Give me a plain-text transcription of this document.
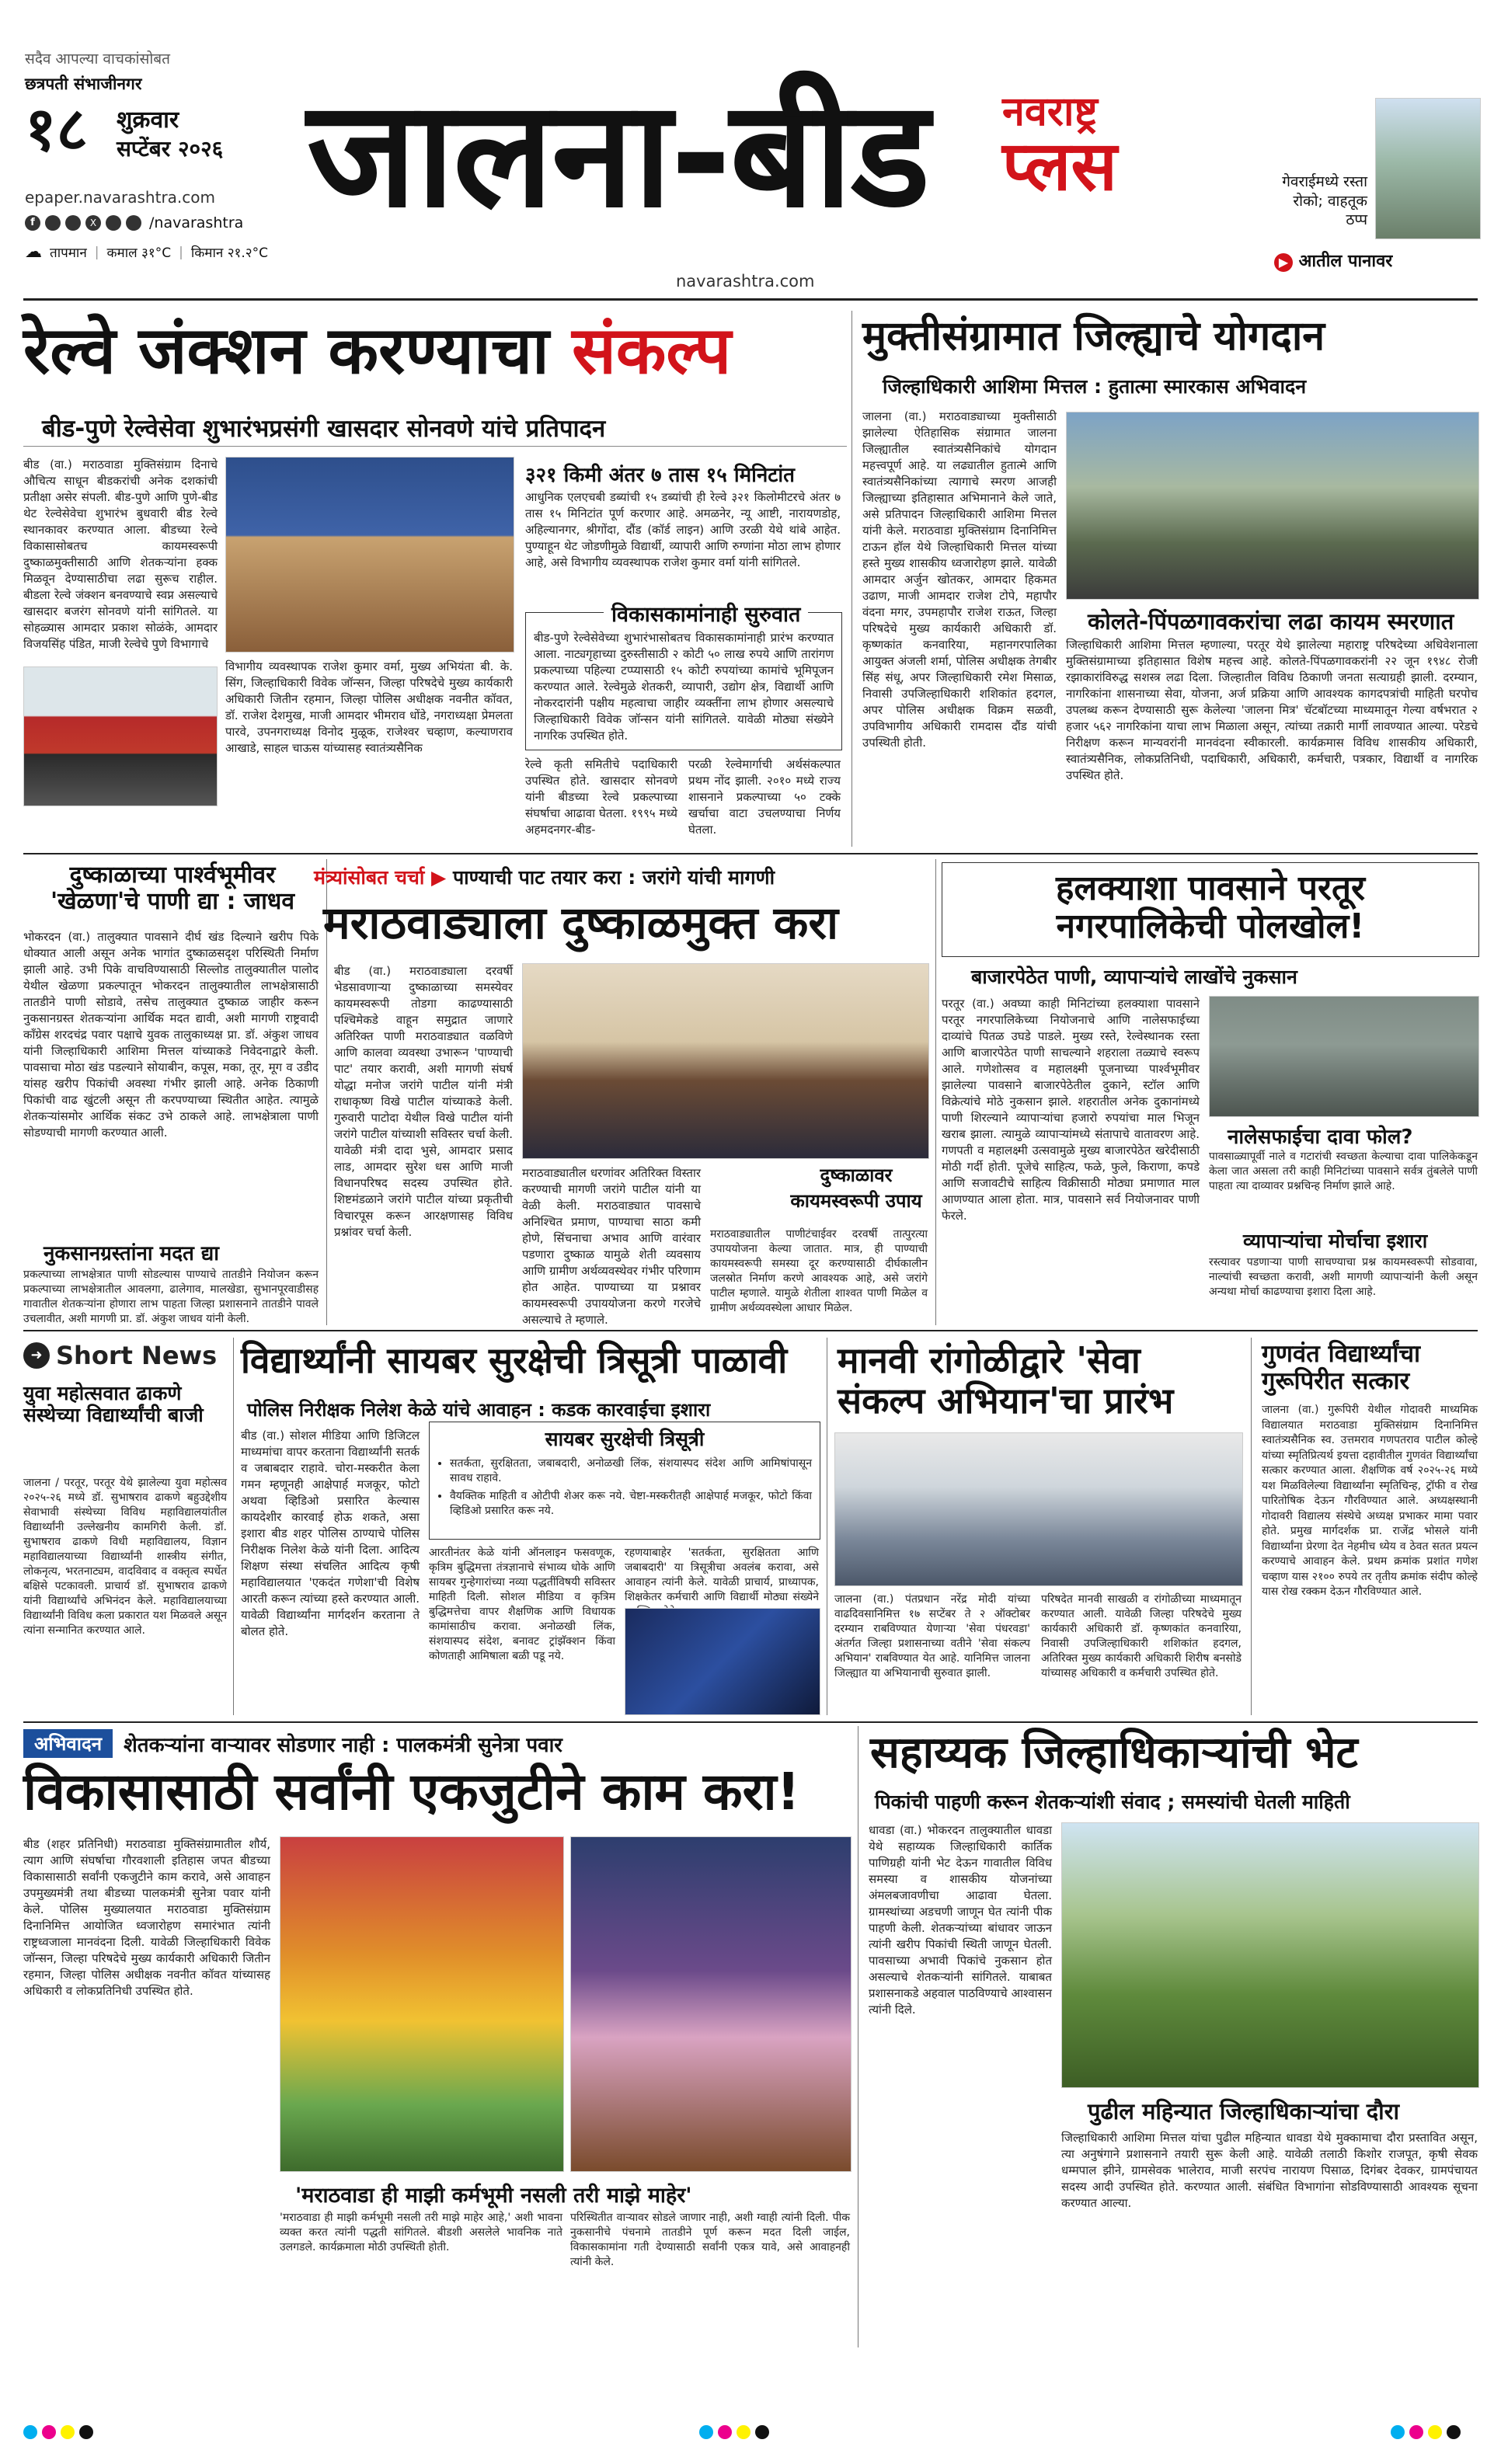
सदैव आपल्या वाचकांसोबत
छत्रपती संभाजीनगर
१८ शुक्रवार
सप्टेंबर २०२६
epaper.navarashtra.com
f	X	/navarashtra
☁ तापमान | कमाल ३१°C | किमान २१.२°C
जालना-बीड नवराष्ट्र
प्लस
navarashtra.com
गेवराईमध्ये रस्ता रोको; वाहतूक ठप्प
▶ आतील पानावर
रेल्वे जंक्शन करण्याचा संकल्प
बीड-पुणे रेल्वेसेवा शुभारंभप्रसंगी खासदार सोनवणे यांचे प्रतिपादन

बीड (वा.) मराठवाडा मुक्तिसंग्राम दिनाचे औचित्य साधून बीडकरांची अनेक दशकांची प्रतीक्षा असेर संपली. बीड-पुणे आणि पुणे-बीड थेट रेल्वेसेवेचा शुभारंभ बुधवारी बीड रेल्वे स्थानकावर करण्यात आला. बीडच्या रेल्वे विकासासोबतच कायमस्वरूपी दुष्काळमुक्तीसाठी आणि शेतकऱ्यांना हक्क मिळवून देण्यासाठीचा लढा सुरूच राहील. बीडला रेल्वे जंक्शन बनवण्याचे स्वप्न असल्याचे खासदार बजरंग सोनवणे यांनी सांगितले. या सोहळ्यास आमदार प्रकाश सोळंके, आमदार विजयसिंह पंडित, माजी रेल्वेचे पुणे विभागाचे

विभागीय व्यवस्थापक राजेश कुमार वर्मा, मुख्य अभियंता बी. के. सिंग, जिल्हाधिकारी विवेक जॉन्सन, जिल्हा परिषदेचे मुख्य कार्यकारी अधिकारी जितीन रहमान, जिल्हा पोलिस अधीक्षक नवनीत कॉवत, डॉ. राजेश देशमुख, माजी आमदार भीमराव धोंडे, नगराध्यक्षा प्रेमलता पारवे, उपनगराध्यक्ष विनोद मुळूक, राजेश्वर चव्हाण, कल्याणराव आखाडे, साहल चाऊस यांच्यासह स्वातंत्र्यसैनिक

३२१ किमी अंतर ७ तास १५ मिनिटांत

आधुनिक एलएचबी डब्यांची १५ डब्यांची ही रेल्वे ३२१ किलोमीटरचे अंतर ७ तास १५ मिनिटांत पूर्ण करणार आहे. अमळनेर, न्यू आष्टी, नारायणडोह, अहिल्यानगर, श्रीगोंदा, दौंड (कॉर्ड लाइन) आणि उरळी येथे थांबे आहेत. पुण्याहून थेट जोडणीमुळे विद्यार्थी, व्यापारी आणि रुग्णांना मोठा लाभ होणार आहे, असे विभागीय व्यवस्थापक राजेश कुमार वर्मा यांनी सांगितले.

विकासकामांनाही सुरुवात

बीड-पुणे रेल्वेसेवेच्या शुभारंभासोबतच विकासकामांनाही प्रारंभ करण्यात आला. नाट्यगृहाच्या दुरुस्तीसाठी २ कोटी ५० लाख रुपये आणि तारांगण प्रकल्पाच्या पहिल्या टप्प्यासाठी १५ कोटी रुपयांच्या कामांचे भूमिपूजन करण्यात आले. रेल्वेमुळे शेतकरी, व्यापारी, उद्योग क्षेत्र, विद्यार्थी आणि नोकरदारांनी पक्षीय महत्वाचा जाहीर व्यक्तींना लाभ होणार असल्याचे जिल्हाधिकारी विवेक जॉन्सन यांनी सांगितले. यावेळी मोठ्या संख्येने नागरिक उपस्थित होते.

रेल्वे कृती समितीचे पदाधिकारी उपस्थित होते. खासदार सोनवणे यांनी बीडच्या रेल्वे प्रकल्पाच्या संघर्षाचा आढावा घेतला. १९९५ मध्ये अहमदनगर-बीड-

परळी रेल्वेमार्गाची अर्थसंकल्पात प्रथम नोंद झाली. २०१० मध्ये राज्य शासनाने प्रकल्पाच्या ५० टक्के खर्चाचा वाटा उचलण्याचा निर्णय घेतला.

मुक्तीसंग्रामात जिल्ह्याचे योगदान
जिल्हाधिकारी आशिमा मित्तल : हुतात्मा स्मारकास अभिवादन

जालना (वा.) मराठवाड्याच्या मुक्तीसाठी झालेल्या ऐतिहासिक संग्रामात जालना जिल्ह्यातील स्वातंत्र्यसैनिकांचे योगदान महत्त्वपूर्ण आहे. या लढ्यातील हुतात्मे आणि स्वातंत्र्यसैनिकांच्या त्यागाचे स्मरण आजही जिल्ह्याच्या इतिहासात अभिमानाने केले जाते, असे प्रतिपादन जिल्हाधिकारी आशिमा मित्तल यांनी केले. मराठवाडा मुक्तिसंग्राम दिनानिमित्त टाऊन हॉल येथे जिल्हाधिकारी मित्तल यांच्या हस्ते मुख्य शासकीय ध्वजारोहण झाले. यावेळी आमदार अर्जुन खोतकर, आमदार हिकमत उढाण, माजी आमदार राजेश टोपे, महापौर वंदना मगर, उपमहापौर राजेश राऊत, जिल्हा परिषदेचे मुख्य कार्यकारी अधिकारी डॉ. कृष्णकांत कनवारिया, महानगरपालिका आयुक्त अंजली शर्मा, पोलिस अधीक्षक तेगबीर सिंह संधू, अपर जिल्हाधिकारी रमेश मिसाळ, निवासी उपजिल्हाधिकारी शशिकांत हदगल, अपर पोलिस अधीक्षक विक्रम सळवी, उपविभागीय अधिकारी रामदास दौंड यांची उपस्थिती होती.

कोलते-पिंपळगावकरांचा लढा कायम स्मरणात

जिल्हाधिकारी आशिमा मित्तल म्हणाल्या, परतूर येथे झालेल्या महाराष्ट्र परिषदेच्या अधिवेशनाला मुक्तिसंग्रामाच्या इतिहासात विशेष महत्त्व आहे. कोलते-पिंपळगावकरांनी २२ जून १९४८ रोजी रझाकारांविरुद्ध सशस्त्र लढा दिला. जिल्हातील विविध ठिकाणी जनता सत्याग्रही झाली. दरम्यान, नागरिकांना शासनाच्या सेवा, योजना, अर्ज प्रक्रिया आणि आवश्यक कागदपत्रांची माहिती घरपोच उपलब्ध करून देण्यासाठी सुरू केलेल्या 'जालना मित्र' चॅटबॉटच्या माध्यमातून गेल्या वर्षभरात २ हजार ५६२ नागरिकांना याचा लाभ मिळाला असून, त्यांच्या तक्रारी मार्गी लावण्यात आल्या. परेडचे निरीक्षण करून मान्यवरांनी मानवंदना स्वीकारली. कार्यक्रमास विविध शासकीय अधिकारी, स्वातंत्र्यसैनिक, लोकप्रतिनिधी, पदाधिकारी, अधिकारी, कर्मचारी, पत्रकार, विद्यार्थी व नागरिक उपस्थित होते.

दुष्काळाच्या पार्श्वभूमीवर
'खेळणा'चे पाणी द्या : जाधव

भोकरदन (वा.) तालुक्यात पावसाने दीर्घ खंड दिल्याने खरीप पिके धोक्यात आली असून अनेक भागांत दुष्काळसदृश परिस्थिती निर्माण झाली आहे. उभी पिके वाचविण्यासाठी सिल्लोड तालुक्यातील पालोद येथील खेळणा प्रकल्पातून भोकरदन तालुक्यातील लाभक्षेत्रासाठी तातडीने पाणी सोडावे, तसेच तालुक्यात दुष्काळ जाहीर करून नुकसानग्रस्त शेतकऱ्यांना आर्थिक मदत द्यावी, अशी मागणी राष्ट्रवादी काँग्रेस शरदचंद्र पवार पक्षाचे युवक तालुकाध्यक्ष प्रा. डॉ. अंकुश जाधव यांनी जिल्हाधिकारी आशिमा मित्तल यांच्याकडे निवेदनाद्वारे केली. पावसाचा मोठा खंड पडल्याने सोयाबीन, कपूस, मका, तूर, मूग व उडीद यांसह खरीप पिकांची अवस्था गंभीर झाली आहे. अनेक ठिकाणी पिकांची वाढ खुंटली असून ती करपण्याच्या स्थितीत आहेत. त्यामुळे शेतकऱ्यांसमोर आर्थिक संकट उभे ठाकले आहे. लाभक्षेत्राला पाणी सोडण्याची मागणी करण्यात आली.

नुकसानग्रस्तांना मदत द्या

प्रकल्पाच्या लाभक्षेत्रात पाणी सोडल्यास पाण्याचे तातडीने नियोजन करून प्रकल्पाच्या लाभक्षेत्रातील आवलगा, ढालेगाव, मालखेडा, सुभानपूरवाडीसह गावातील शेतकऱ्यांना होणारा लाभ पाहता जिल्हा प्रशासनाने तातडीने पावले उचलावीत, अशी मागणी प्रा. डॉ. अंकुश जाधव यांनी केली.

मंत्र्यांसोबत चर्चा ▶ पाण्याची पाट तयार करा : जरांगे यांची मागणी
मराठवाड्याला दुष्काळमुक्त करा

बीड (वा.) मराठवाड्याला दरवर्षी भेडसावणाऱ्या दुष्काळाच्या समस्येवर कायमस्वरूपी तोडगा काढण्यासाठी पश्चिमेकडे वाहून समुद्रात जाणारे अतिरिक्त पाणी मराठवाड्यात वळविणे आणि कालवा व्यवस्था उभारून 'पाण्याची पाट' तयार करावी, अशी मागणी संघर्ष योद्धा मनोज जरांगे पाटील यांनी मंत्री राधाकृष्ण विखे पाटील यांच्याकडे केली. गुरुवारी पाटोदा येथील विखे पाटील यांनी जरांगे पाटील यांच्याशी सविस्तर चर्चा केली. यावेळी मंत्री दादा भुसे, आमदार प्रसाद लाड, आमदार सुरेश धस आणि माजी विधानपरिषद सदस्य उपस्थित होते. शिष्टमंडळाने जरांगे पाटील यांच्या प्रकृतीची विचारपूस करून आरक्षणासह विविध प्रश्नांवर चर्चा केली.

मराठवाड्यातील धरणांवर अतिरिक्त विस्तार करण्याची मागणी जरांगे पाटील यांनी या वेळी केली. मराठवाड्यात पावसाचे अनिश्चित प्रमाण, पाण्याचा साठा कमी होणे, सिंचनाचा अभाव आणि वारंवार पडणारा दुष्काळ यामुळे शेती व्यवसाय आणि ग्रामीण अर्थव्यवस्थेवर गंभीर परिणाम होत आहेत. पाण्याच्या या प्रश्नावर कायमस्वरूपी उपाययोजना करणे गरजेचे असल्याचे ते म्हणाले.

दुष्काळावर कायमस्वरूपी उपाय

मराठवाड्यातील पाणीटंचाईवर दरवर्षी तात्पुरत्या उपाययोजना केल्या जातात. मात्र, ही पाण्याची कायमस्वरूपी समस्या दूर करण्यासाठी दीर्घकालीन जलस्रोत निर्माण करणे आवश्यक आहे, असे जरांगे पाटील म्हणाले. यामुळे शेतीला शाश्वत पाणी मिळेल व ग्रामीण अर्थव्यवस्थेला आधार मिळेल.

हलक्याशा पावसाने परतूर
नगरपालिकेची पोलखोल!
बाजारपेठेत पाणी, व्यापाऱ्यांचे लाखोंचे नुकसान

परतूर (वा.) अवघ्या काही मिनिटांच्या हलक्याशा पावसाने परतूर नगरपालिकेच्या नियोजनाचे आणि नालेसफाईच्या दाव्यांचे पितळ उघडे पाडले. मुख्य रस्ते, रेल्वेस्थानक रस्ता आणि बाजारपेठेत पाणी साचल्याने शहराला तळ्याचे स्वरूप आले. गणेशोत्सव व महालक्ष्मी पूजनाच्या पार्श्वभूमीवर झालेल्या पावसाने बाजारपेठेतील दुकाने, स्टॉल आणि विक्रेत्यांचे मोठे नुकसान झाले. शहरातील अनेक दुकानांमध्ये पाणी शिरल्याने व्यापाऱ्यांचा हजारो रुपयांचा माल भिजून खराब झाला. त्यामुळे व्यापाऱ्यांमध्ये संतापाचे वातावरण आहे. गणपती व महालक्ष्मी उत्सवामुळे मुख्य बाजारपेठेत खरेदीसाठी मोठी गर्दी होती. पूजेचे साहित्य, फळे, फुले, किराणा, कपडे आणि सजावटीचे साहित्य विक्रीसाठी मोठ्या प्रमाणात माल आणण्यात आला होता. मात्र, पावसाने सर्व नियोजनावर पाणी फेरले.

नालेसफाईचा दावा फोल?

पावसाळ्यापूर्वी नाले व गटारांची स्वच्छता केल्याचा दावा पालिकेकडून केला जात असला तरी काही मिनिटांच्या पावसाने सर्वत्र तुंबलेले पाणी पाहता त्या दाव्यावर प्रश्नचिन्ह निर्माण झाले आहे.

व्यापाऱ्यांचा मोर्चाचा इशारा

रस्त्यावर पडणाऱ्या पाणी साचण्याचा प्रश्न कायमस्वरूपी सोडवावा, नाल्यांची स्वच्छता करावी, अशी मागणी व्यापाऱ्यांनी केली असून अन्यथा मोर्चा काढण्याचा इशारा दिला आहे.

➜ Short News
युवा महोत्सवात ढाकणे संस्थेच्या विद्यार्थ्यांची बाजी

जालना / परतूर, परतूर येथे झालेल्या युवा महोत्सव २०२५-२६ मध्ये डॉ. सुभाषराव ढाकणे बहुउद्देशीय सेवाभावी संस्थेच्या विविध महाविद्यालयांतील विद्यार्थ्यांनी उल्लेखनीय कामगिरी केली. डॉ. सुभाषराव ढाकणे विधी महाविद्यालय, विज्ञान महाविद्यालयाच्या विद्यार्थ्यांनी शास्त्रीय संगीत, लोकनृत्य, भरतनाट्यम, वादविवाद व वक्तृत्व स्पर्धेत बक्षिसे पटकावली. प्राचार्य डॉ. सुभाषराव ढाकणे यांनी विद्यार्थ्यांचे अभिनंदन केले. महाविद्यालयाच्या विद्यार्थ्यांनी विविध कला प्रकारात यश मिळवले असून त्यांना सन्मानित करण्यात आले.

विद्यार्थ्यांनी सायबर सुरक्षेची त्रिसूत्री पाळावी
पोलिस निरीक्षक निलेश केळे यांचे आवाहन : कडक कारवाईचा इशारा

बीड (वा.) सोशल मीडिया आणि डिजिटल माध्यमांचा वापर करताना विद्यार्थ्यांनी सतर्क व जबाबदार राहावे. चोरा-मस्करीत केला गमन म्हणूनही आक्षेपार्ह मजकूर, फोटो अथवा व्हिडिओ प्रसारित केल्यास कायदेशीर कारवाई होऊ शकते, असा इशारा बीड शहर पोलिस ठाण्याचे पोलिस निरीक्षक निलेश केळे यांनी दिला. आदित्य शिक्षण संस्था संचलित आदित्य कृषी महाविद्यालयात 'एकदंत गणेशा'ची विशेष आरती करून त्यांच्या हस्ते करण्यात आली. यावेळी विद्यार्थ्यांना मार्गदर्शन करताना ते बोलत होते.

सायबर सुरक्षेची त्रिसूत्री
• सतर्कता, सुरक्षितता, जबाबदारी, अनोळखी लिंक, संशयास्पद संदेश आणि आमिषांपासून सावध राहावे.
• वैयक्तिक माहिती व ओटीपी शेअर करू नये. चेष्टा-मस्करीतही आक्षेपार्ह मजकूर, फोटो किंवा व्हिडिओ प्रसारित करू नये.

आरतीनंतर केळे यांनी ऑनलाइन फसवणूक, कृत्रिम बुद्धिमत्ता तंत्रज्ञानाचे संभाव्य धोके आणि सायबर गुन्हेगारांच्या नव्या पद्धतींविषयी सविस्तर माहिती दिली. सोशल मीडिया व कृत्रिम बुद्धिमत्तेचा वापर शैक्षणिक आणि विधायक कामांसाठीच करावा. अनोळखी लिंक, संशयास्पद संदेश, बनावट ट्रांझॅक्शन किंवा कोणताही आमिषाला बळी पडू नये.

रहणयाबाहेर 'सतर्कता, सुरक्षितता आणि जबाबदारी' या त्रिसूत्रीचा अवलंब करावा, असे आवाहन त्यांनी केले. यावेळी प्राचार्य, प्राध्यापक, शिक्षकेतर कर्मचारी आणि विद्यार्थी मोठ्या संख्येने

मानवी रांगोळीद्वारे 'सेवा
संकल्प अभियान'चा प्रारंभ

जालना (वा.) पंतप्रधान नरेंद्र मोदी यांच्या वाढदिवसानिमित्त १७ सप्टेंबर ते २ ऑक्टोबर दरम्यान राबविण्यात येणाऱ्या 'सेवा पंधरवडा' अंतर्गत जिल्हा प्रशासनाच्या वतीने 'सेवा संकल्प अभियान' राबविण्यात येत आहे. यानिमित्त जालना जिल्ह्यात या अभियानाची सुरुवात झाली.

परिषदेत मानवी साखळी व रांगोळीच्या माध्यमातून करण्यात आली. यावेळी जिल्हा परिषदेचे मुख्य कार्यकारी अधिकारी डॉ. कृष्णकांत कनवारिया, निवासी उपजिल्हाधिकारी शशिकांत हदगल, अतिरिक्त मुख्य कार्यकारी अधिकारी शिरीष बनसोडे यांच्यासह अधिकारी व कर्मचारी उपस्थित होते.

गुणवंत विद्यार्थ्यांचा गुरूपिरीत सत्कार

जालना (वा.) गुरूपिरी येथील गोदावरी माध्यमिक विद्यालयात मराठवाडा मुक्तिसंग्राम दिनानिमित्त स्वातंत्र्यसैनिक स्व. उत्तमराव गणपतराव पाटील कोल्हे यांच्या स्मृतिप्रित्यर्थ इयत्ता दहावीतील गुणवंत विद्यार्थ्यांचा सत्कार करण्यात आला. शैक्षणिक वर्ष २०२५-२६ मध्ये यश मिळविलेल्या विद्यार्थ्यांना स्मृतिचिन्ह, ट्रॉफी व रोख पारितोषिक देऊन गौरविण्यात आले. अध्यक्षस्थानी गोदावरी विद्यालय संस्थेचे अध्यक्ष प्रभाकर मामा पवार होते. प्रमुख मार्गदर्शक प्रा. राजेंद्र भोसले यांनी विद्यार्थ्यांना प्रेरणा देत नेहमीच ध्येय व ठेवत सतत प्रयत्न करण्याचे आवाहन केले. प्रथम क्रमांक प्रशांत गणेश चव्हाण यास २१०० रुपये तर तृतीय क्रमांक संदीप कोल्हे यास रोख रक्कम देऊन गौरविण्यात आले.

अभिवादन	शेतकऱ्यांना वाऱ्यावर सोडणार नाही : पालकमंत्री सुनेत्रा पवार
विकासासाठी सर्वांनी एकजुटीने काम करा!

बीड (शहर प्रतिनिधी) मराठवाडा मुक्तिसंग्रामातील शौर्य, त्याग आणि संघर्षाचा गौरवशाली इतिहास जपत बीडच्या विकासासाठी सर्वांनी एकजुटीने काम करावे, असे आवाहन उपमुख्यमंत्री तथा बीडच्या पालकमंत्री सुनेत्रा पवार यांनी केले. पोलिस मुख्यालयात मराठवाडा मुक्तिसंग्राम दिनानिमित्त आयोजित ध्वजारोहण समारंभात त्यांनी राष्ट्रध्वजाला मानवंदना दिली. यावेळी जिल्हाधिकारी विवेक जॉन्सन, जिल्हा परिषदेचे मुख्य कार्यकारी अधिकारी जितीन रहमान, जिल्हा पोलिस अधीक्षक नवनीत कॉवत यांच्यासह अधिकारी व लोकप्रतिनिधी उपस्थित होते.

'मराठवाडा ही माझी कर्मभूमी नसली तरी माझे माहेर'

'मराठवाडा ही माझी कर्मभूमी नसली तरी माझे माहेर आहे,' अशी भावना व्यक्त करत त्यांनी पद्धती सांगितले. बीडशी असलेले भावनिक नाते उलगडले. कार्यक्रमाला मोठी उपस्थिती होती.

परिस्थितीत वाऱ्यावर सोडले जाणार नाही, अशी ग्वाही त्यांनी दिली. पीक नुकसानीचे पंचनामे तातडीने पूर्ण करून मदत दिली जाईल, विकासकामांना गती देण्यासाठी सर्वांनी एकत्र यावे, असे आवाहनही त्यांनी केले.

सहाय्यक जिल्हाधिकाऱ्यांची भेट
पिकांची पाहणी करून शेतकऱ्यांशी संवाद ; समस्यांची घेतली माहिती

धावडा (वा.) भोकरदन तालुक्यातील धावडा येथे सहाय्यक जिल्हाधिकारी कार्तिक पाणिग्रही यांनी भेट देऊन गावातील विविध समस्या व शासकीय योजनांच्या अंमलबजावणीचा आढावा घेतला. ग्रामस्थांच्या अडचणी जाणून घेत त्यांनी पीक पाहणी केली. शेतकऱ्यांच्या बांधावर जाऊन त्यांनी खरीप पिकांची स्थिती जाणून घेतली. पावसाच्या अभावी पिकांचे नुकसान होत असल्याचे शेतकऱ्यांनी सांगितले. याबाबत प्रशासनाकडे अहवाल पाठविण्याचे आश्वासन त्यांनी दिले.

पुढील महिन्यात जिल्हाधिकाऱ्यांचा दौरा

जिल्हाधिकारी आशिमा मित्तल यांचा पुढील महिन्यात धावडा येथे मुक्कामाचा दौरा प्रस्तावित असून, त्या अनुषंगाने प्रशासनाने तयारी सुरू केली आहे. यावेळी तलाठी किशोर राजपूत, कृषी सेवक धम्मपाल झीने, ग्रामसेवक भालेराव, माजी सरपंच नारायण पिसाळ, दिगंबर देवकर, ग्रामपंचायत सदस्य आदी उपस्थित होते. करण्यात आली. संबंधित विभागांना सोडविण्यासाठी आवश्यक सूचना करण्यात आल्या.
